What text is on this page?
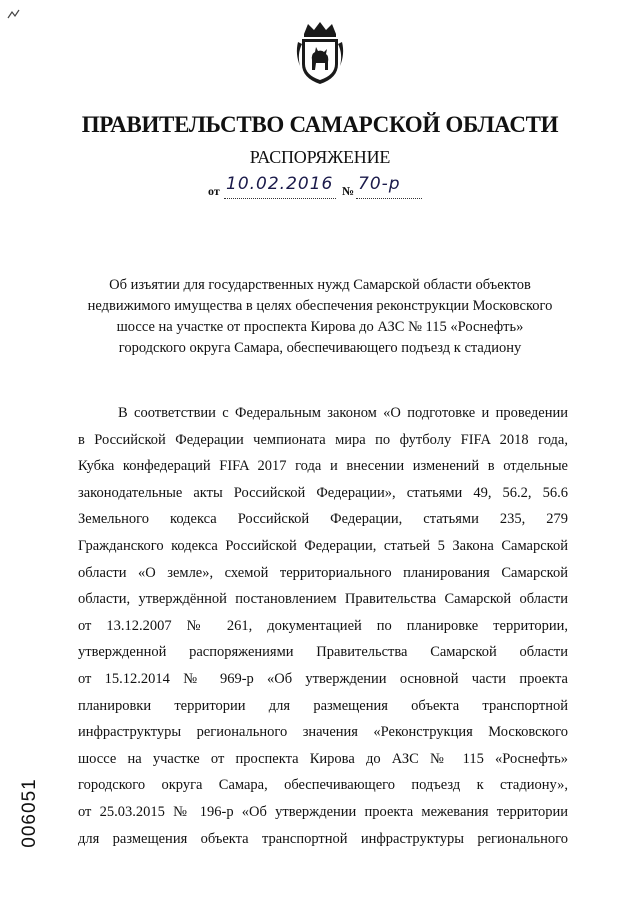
ПРАВИТЕЛЬСТВО САМАРСКОЙ ОБЛАСТИ
РАСПОРЯЖЕНИЕ
от 10.02.2016 № 70-р
Об изъятии для государственных нужд Самарской области объектов
недвижимого имущества в целях обеспечения реконструкции Московского
шоссе на участке от проспекта Кирова до АЗС № 115 «Роснефть»
городского округа Самара, обеспечивающего подъезд к стадиону
В соответствии с Федеральным законом «О подготовке и проведении
в Российской Федерации чемпионата мира по футболу FIFA 2018 года,
Кубка конфедераций FIFA 2017 года и внесении изменений в отдельные
законодательные акты Российской Федерации», статьями 49, 56.2, 56.6
Земельного кодекса Российской Федерации, статьями 235, 279
Гражданского кодекса Российской Федерации, статьей 5 Закона Самарской
области «О земле», схемой территориального планирования Самарской
области, утверждённой постановлением Правительства Самарской области
от 13.12.2007 № 261, документацией по планировке территории,
утвержденной распоряжениями Правительства Самарской области
от 15.12.2014 № 969-р «Об утверждении основной части проекта
планировки территории для размещения объекта транспортной
инфраструктуры регионального значения «Реконструкция Московского
шоссе на участке от проспекта Кирова до АЗС № 115 «Роснефть»
городского округа Самара, обеспечивающего подъезд к стадиону»,
от 25.03.2015 № 196-р «Об утверждении проекта межевания территории
для размещения объекта транспортной инфраструктуры регионального
006051
